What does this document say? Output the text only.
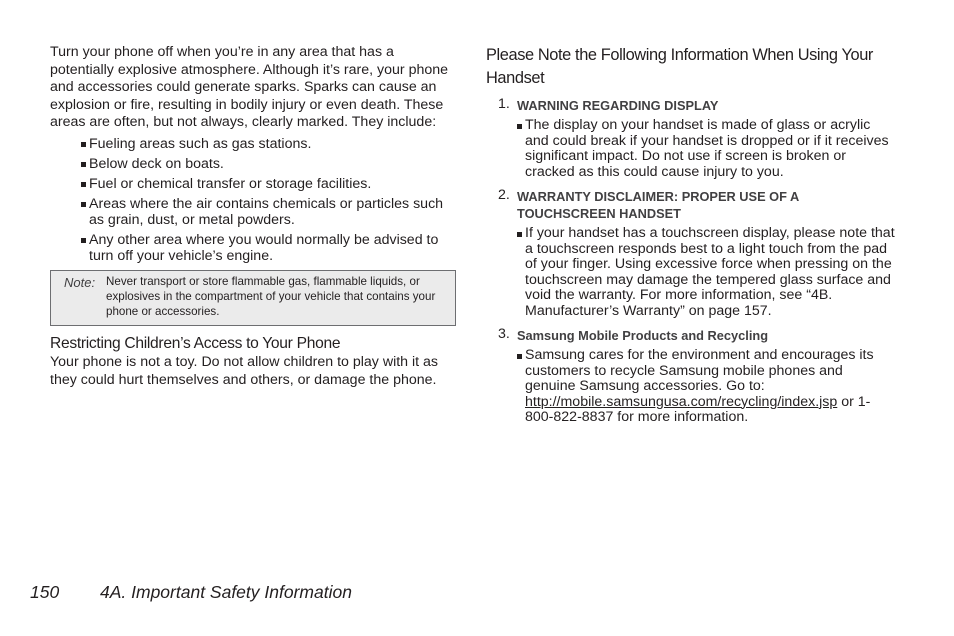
Turn your phone off when you’re in any area that has a potentially explosive atmosphere. Although it’s rare, your phone and accessories could generate sparks. Sparks can cause an explosion or fire, resulting in bodily injury or even death. These areas are often, but not always, clearly marked. They include:

Fueling areas such as gas stations.
Below deck on boats.
Fuel or chemical transfer or storage facilities.
Areas where the air contains chemicals or particles such as grain, dust, or metal powders.
Any other area where you would normally be advised to turn off your vehicle’s engine.
Note: Never transport or store flammable gas, flammable liquids, or explosives in the compartment of your vehicle that contains your phone or accessories.
Restricting Children’s Access to Your Phone

Your phone is not a toy. Do not allow children to play with it as they could hurt themselves and others, or damage the phone.

Please Note the Following Information When Using Your Handset
1. WARNING REGARDING DISPLAY
The display on your handset is made of glass or acrylic and could break if your handset is dropped or if it receives significant impact. Do not use if screen is broken or cracked as this could cause injury to you.
2. WARRANTY DISCLAIMER: PROPER USE OF A TOUCHSCREEN HANDSET
If your handset has a touchscreen display, please note that a touchscreen responds best to a light touch from the pad of your finger. Using excessive force when pressing on the touchscreen may damage the tempered glass surface and void the warranty. For more information, see “4B. Manufacturer’s Warranty” on page 157.
3. Samsung Mobile Products and Recycling
Samsung cares for the environment and encourages its customers to recycle Samsung mobile phones and genuine Samsung accessories. Go to: http://mobile.samsungusa.com/recycling/index.jsp or 1-800-822-8837 for more information.
150	4A. Important Safety Information
